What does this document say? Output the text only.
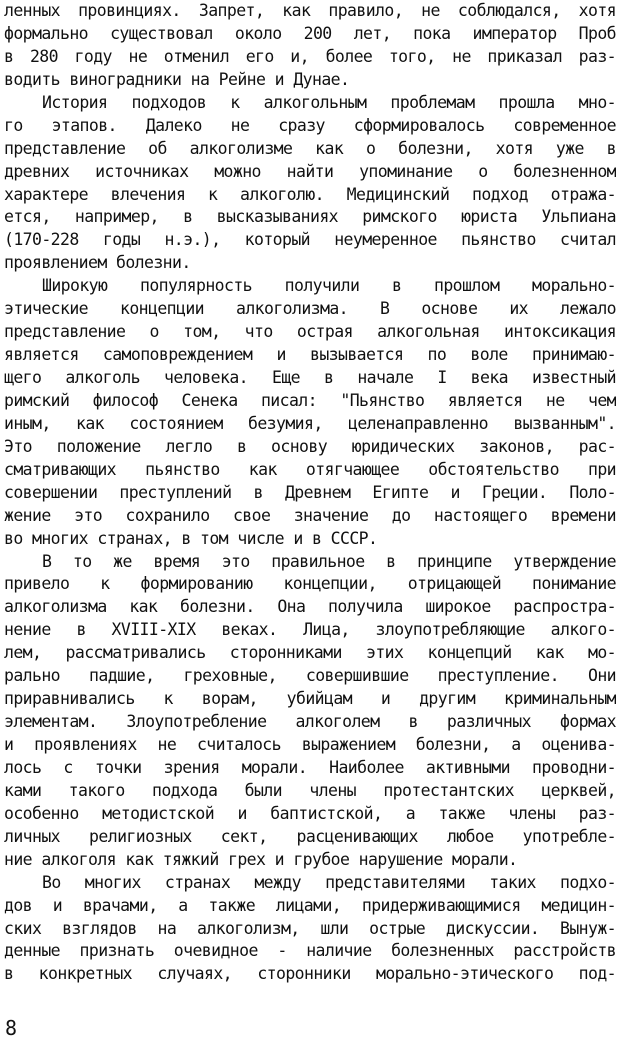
ленных провинциях. Запрет, как правило, не соблюдался, хотя
формально существовал около 200 лет, пока император Проб
в 280 году не отменил его и, более того, не приказал раз-
водить виноградники на Рейне и Дунае.
История подходов к алкогольным проблемам прошла мно-
го этапов. Далеко не сразу сформировалось современное
представление об алкоголизме как о болезни, хотя уже в
древних источниках можно найти упоминание о болезненном
характере влечения к алкоголю. Медицинский подход отража-
ется, например, в высказываниях римского юриста Ульпиана
(170-228 годы н.э.), который неумеренное пьянство считал
проявлением болезни.
Широкую популярность получили в прошлом морально-
этические концепции алкоголизма. В основе их лежало
представление о том, что острая алкогольная интоксикация
является самоповреждением и вызывается по воле принимаю-
щего алкоголь человека. Еще в начале I века известный
римский философ Сенека писал: "Пьянство является не чем
иным, как состоянием безумия, целенаправленно вызванным".
Это положение легло в основу юридических законов, рас-
сматривающих пьянство как отягчающее обстоятельство при
совершении преступлений в Древнем Египте и Греции. Поло-
жение это сохранило свое значение до настоящего времени
во многих странах, в том числе и в СССР.
В то же время это правильное в принципе утверждение
привело к формированию концепции, отрицающей понимание
алкоголизма как болезни. Она получила широкое распростра-
нение в XVIII-XIX веках. Лица, злоупотребляющие алкого-
лем, рассматривались сторонниками этих концепций как мо-
рально падшие, греховные, совершившие преступление. Они
приравнивались к ворам, убийцам и другим криминальным
элементам. Злоупотребление алкоголем в различных формах
и проявлениях не считалось выражением болезни, а оценива-
лось с точки зрения морали. Наиболее активными проводни-
ками такого подхода были члены протестантских церквей,
особенно методистской и баптистской, а также члены раз-
личных религиозных сект, расценивающих любое употребле-
ние алкоголя как тяжкий грех и грубое нарушение морали.
Во многих странах между представителями таких подхо-
дов и врачами, а также лицами, придерживающимися медицин-
ских взглядов на алкоголизм, шли острые дискуссии. Вынуж-
денные признать очевидное - наличие болезненных расстройств
в конкретных случаях, сторонники морально-этического под-
8
